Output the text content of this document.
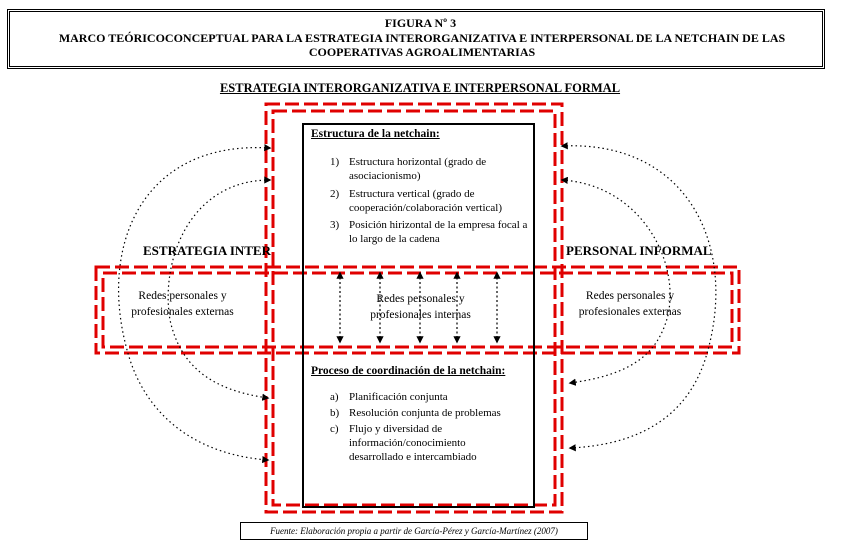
FIGURA Nº 3
MARCO TEÓRICOCONCEPTUAL PARA LA ESTRATEGIA INTERORGANIZATIVA E INTERPERSONAL DE LA NETCHAIN DE LAS COOPERATIVAS AGROALIMENTARIAS
ESTRATEGIA INTERORGANIZATIVA E INTERPERSONAL FORMAL
Estructura de la netchain:
1) Estructura horizontal (grado de asociacionismo)
2) Estructura vertical (grado de cooperación/colaboración vertical)
3) Posición hirizontal de la empresa focal a lo largo de la cadena
Proceso de coordinación de la netchain:
a) Planificación conjunta
b) Resolución conjunta de problemas
c) Flujo y diversidad de información/conocimiento desarrollado e intercambiado
ESTRATEGIA INTER	PERSONAL INFORMAL
Redes personales y profesionales externas
Redes personales y profesionales externas
Redes personales y profesionales internas
Fuente: Elaboración propia a partir de García-Pérez y García-Martínez (2007)
